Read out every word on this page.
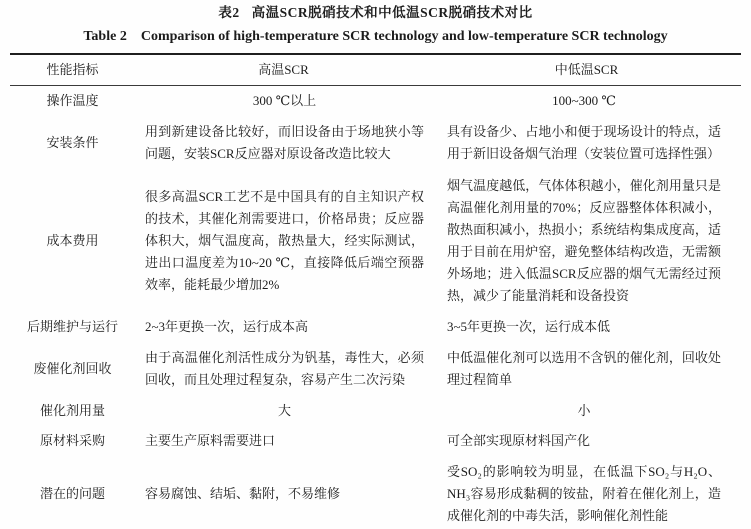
表2 高温SCR脱硝技术和中低温SCR脱硝技术对比
Table 2 Comparison of high-temperature SCR technology and low-temperature SCR technology
性能指标	高温SCR	中低温SCR
操作温度	300 ℃以上	100~300 ℃
安装条件	用到新建设备比较好，而旧设备由于场地狭小等问题，安装SCR反应器对原设备改造比较大	具有设备少、占地小和便于现场设计的特点，适用于新旧设备烟气治理（安装位置可选择性强）
成本费用	很多高温SCR工艺不是中国具有的自主知识产权的技术，其催化剂需要进口，价格昂贵；反应器体积大，烟气温度高，散热量大，经实际测试，进出口温度差为10~20 ℃，直接降低后端空预器效率，能耗最少增加2%	烟气温度越低，气体体积越小，催化剂用量只是高温催化剂用量的70%；反应器整体体积减小，散热面积减小，热损小；系统结构集成度高，适用于目前在用炉窑，避免整体结构改造，无需额外场地；进入低温SCR反应器的烟气无需经过预热，减少了能量消耗和设备投资
后期维护与运行	2~3年更换一次，运行成本高	3~5年更换一次，运行成本低
废催化剂回收	由于高温催化剂活性成分为钒基，毒性大，必须回收，而且处理过程复杂，容易产生二次污染	中低温催化剂可以选用不含钒的催化剂，回收处理过程简单
催化剂用量	大	小
原材料采购	主要生产原料需要进口	可全部实现原材料国产化
潜在的问题	容易腐蚀、结垢、黏附，不易维修	受SO₂的影响较为明显，在低温下SO₂与H₂O、NH₃容易形成黏稠的铵盐，附着在催化剂上，造成催化剂的中毒失活，影响催化剂性能
